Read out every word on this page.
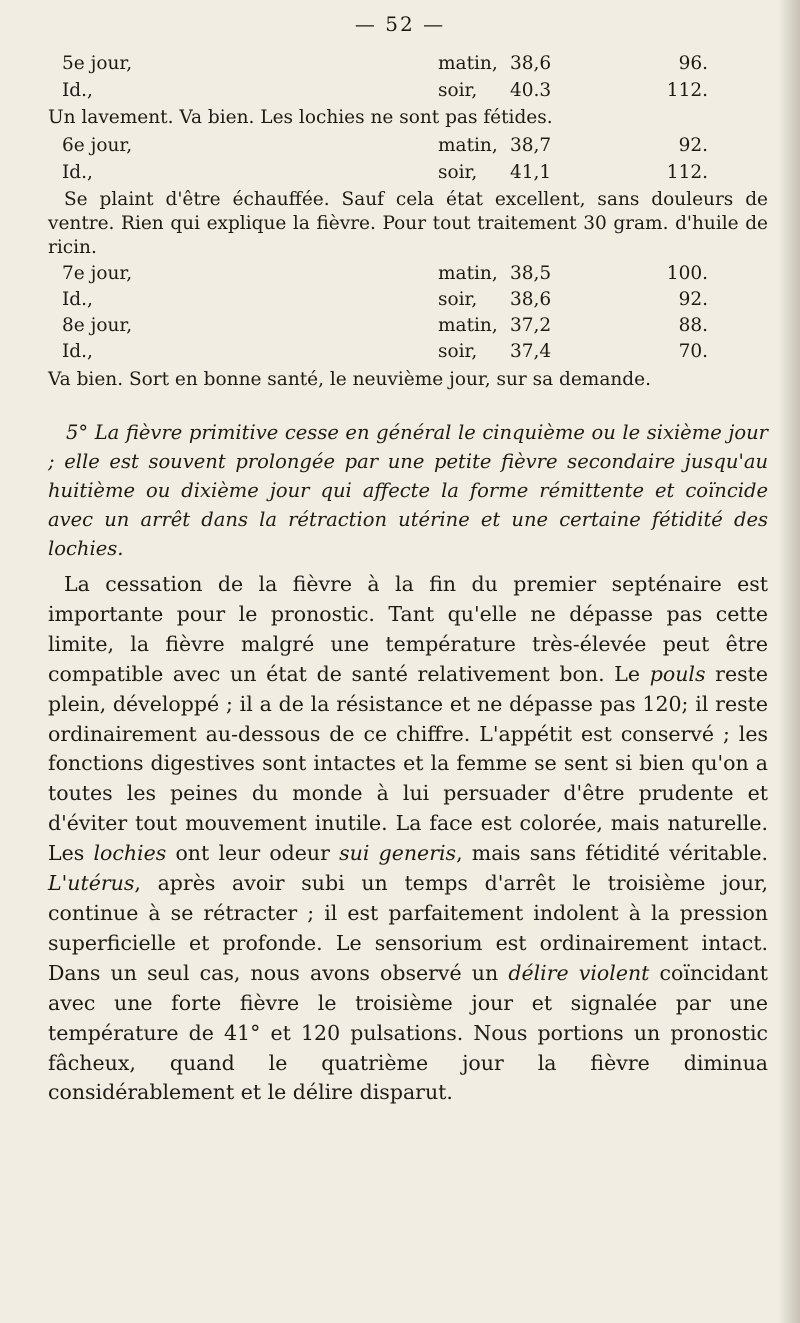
— 52 —
5e jour,	matin, 38,6	96.
Id.,	soir, 40.3	112.
Un lavement. Va bien. Les lochies ne sont pas fétides.
6e jour,	matin, 38,7	92.
Id.,	soir, 41,1	112.
Se plaint d'être échauffée. Sauf cela état excellent, sans douleurs de ventre. Rien qui explique la fièvre. Pour tout traitement 30 gram. d'huile de ricin.
7e jour,	matin, 38,5	100.
Id.,	soir, 38,6	92.
8e jour,	matin, 37,2	88.
Id.,	soir, 37,4	70.
Va bien. Sort en bonne santé, le neuvième jour, sur sa demande.
5° La fièvre primitive cesse en général le cinquième ou le sixième jour ; elle est souvent prolongée par une petite fièvre secondaire jusqu'au huitième ou dixième jour qui affecte la forme rémittente et coïncide avec un arrêt dans la rétraction utérine et une certaine fétidité des lochies.
La cessation de la fièvre à la fin du premier septénaire est importante pour le pronostic. Tant qu'elle ne dépasse pas cette limite, la fièvre malgré une température très-élevée peut être compatible avec un état de santé relativement bon. Le pouls reste plein, développé ; il a de la résistance et ne dépasse pas 120; il reste ordinairement au-dessous de ce chiffre. L'appétit est conservé ; les fonctions digestives sont intactes et la femme se sent si bien qu'on a toutes les peines du monde à lui persuader d'être prudente et d'éviter tout mouvement inutile. La face est colorée, mais naturelle. Les lochies ont leur odeur sui generis, mais sans fétidité véritable. L'utérus, après avoir subi un temps d'arrêt le troisième jour, continue à se rétracter ; il est parfaitement indolent à la pression superficielle et profonde. Le sensorium est ordinairement intact. Dans un seul cas, nous avons observé un délire violent coïncidant avec une forte fièvre le troisième jour et signalée par une température de 41° et 120 pulsations. Nous portions un pronostic fâcheux, quand le quatrième jour la fièvre diminua considérablement et le délire disparut.
